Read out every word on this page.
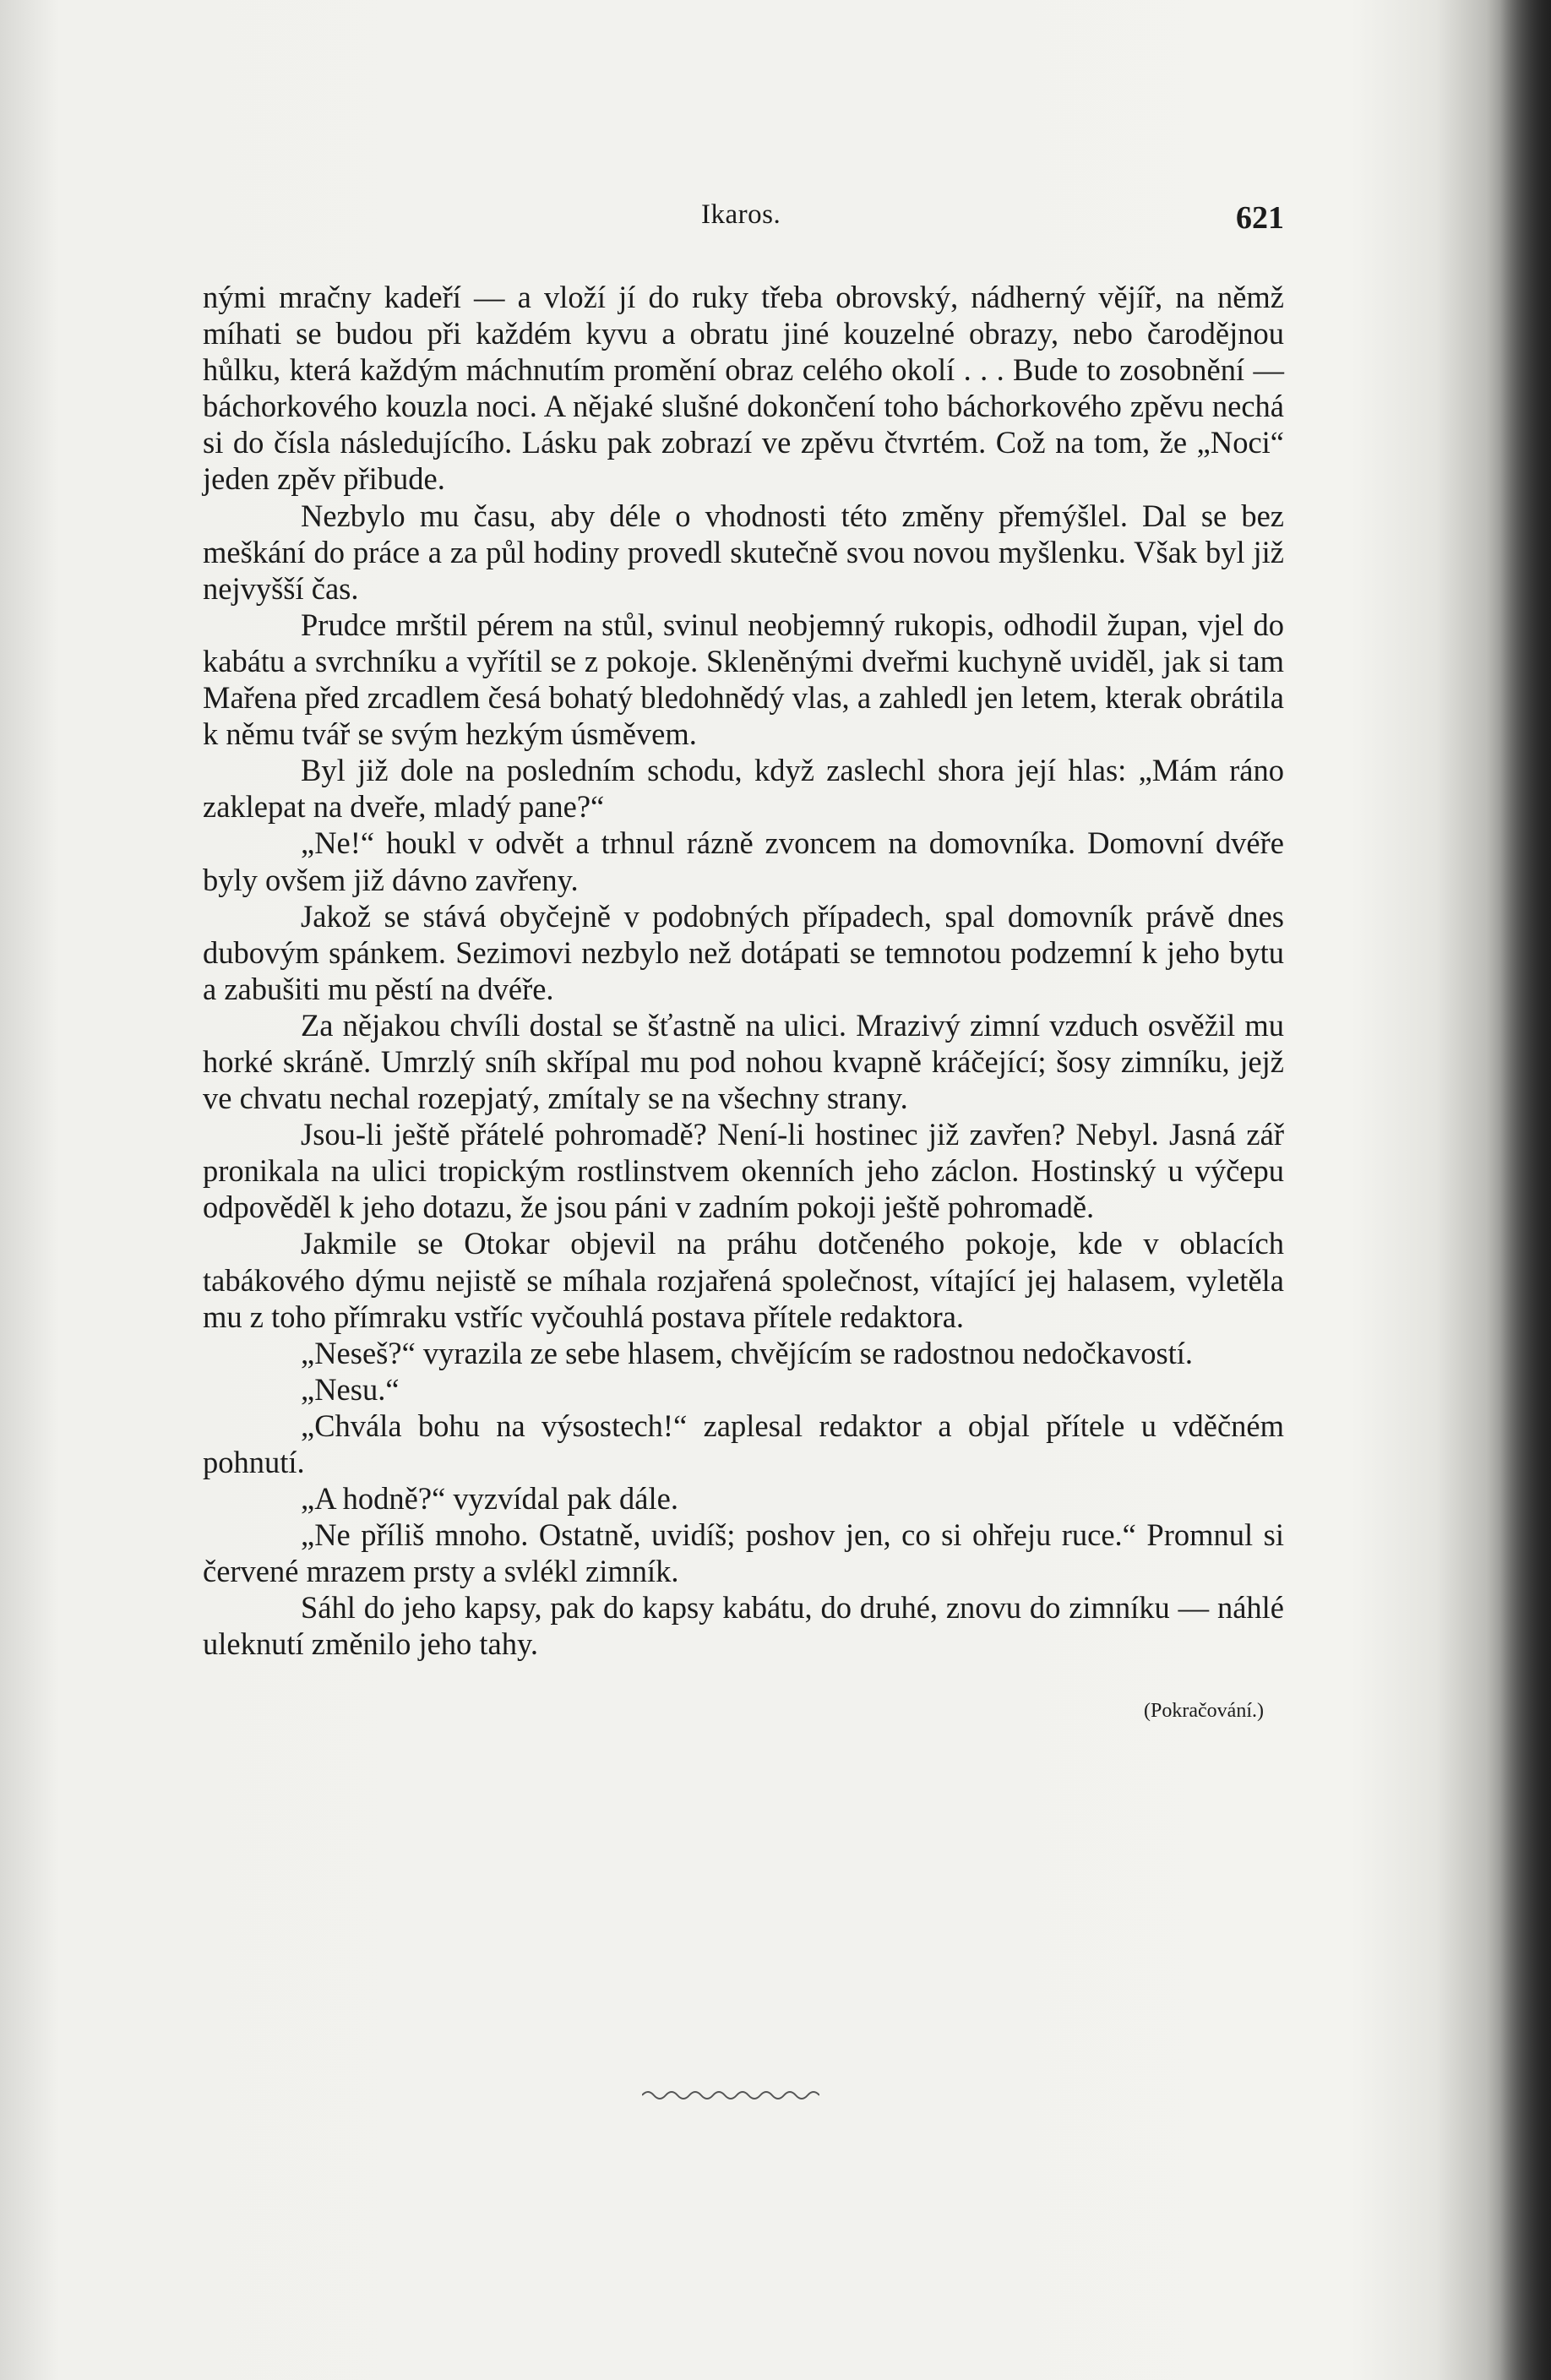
Ikaros.	621

nými mračny kadeří — a vloží jí do ruky třeba obrovský, nádherný vějíř, na němž míhati se budou při každém kyvu a obratu jiné kouzelné obrazy, nebo čarodějnou hůlku, která každým máchnutím promění obraz celého okolí . . . Bude to zosobnění — báchorkového kouzla noci. A nějaké slušné dokončení toho báchorkového zpěvu nechá si do čísla následujícího. Lásku pak zobrazí ve zpěvu čtvrtém. Což na tom, že „Noci“ jeden zpěv přibude.

Nezbylo mu času, aby déle o vhodnosti této změny přemýšlel. Dal se bez meškání do práce a za půl hodiny provedl skutečně svou novou myšlenku. Však byl již nejvyšší čas.

Prudce mrštil pérem na stůl, svinul neobjemný rukopis, odhodil župan, vjel do kabátu a svrchníku a vyřítil se z pokoje. Skleněnými dveřmi kuchyně uviděl, jak si tam Mařena před zrcadlem česá bohatý bledohnědý vlas, a zahledl jen letem, kterak obrátila k němu tvář se svým hezkým úsměvem.

Byl již dole na posledním schodu, když zaslechl shora její hlas: „Mám ráno zaklepat na dveře, mladý pane?“

„Ne!“ houkl v odvět a trhnul rázně zvoncem na domovníka. Domovní dvéře byly ovšem již dávno zavřeny.

Jakož se stává obyčejně v podobných případech, spal domovník právě dnes dubovým spánkem. Sezimovi nezbylo než dotápati se temnotou podzemní k jeho bytu a zabušiti mu pěstí na dvéře.

Za nějakou chvíli dostal se šťastně na ulici. Mrazivý zimní vzduch osvěžil mu horké skráně. Umrzlý sníh skřípal mu pod nohou kvapně kráčející; šosy zimníku, jejž ve chvatu nechal rozepjatý, zmítaly se na všechny strany.

Jsou-li ještě přátelé pohromadě? Není-li hostinec již zavřen? Nebyl. Jasná zář pronikala na ulici tropickým rostlinstvem okenních jeho záclon. Hostinský u výčepu odpověděl k jeho dotazu, že jsou páni v zadním pokoji ještě pohromadě.

Jakmile se Otokar objevil na práhu dotčeného pokoje, kde v oblacích tabákového dýmu nejistě se míhala rozjařená společnost, vítající jej halasem, vyletěla mu z toho přímraku vstříc vyčouhlá postava přítele redaktora.

„Neseš?“ vyrazila ze sebe hlasem, chvějícím se radostnou nedočkavostí.

„Nesu.“

„Chvála bohu na výsostech!“ zaplesal redaktor a objal přítele u vděčném pohnutí.

„A hodně?“ vyzvídal pak dále.

„Ne příliš mnoho. Ostatně, uvidíš; poshov jen, co si ohřeju ruce.“ Promnul si červené mrazem prsty a svlékl zimník.

Sáhl do jeho kapsy, pak do kapsy kabátu, do druhé, znovu do zimníku — náhlé uleknutí změnilo jeho tahy.

(Pokračování.)
